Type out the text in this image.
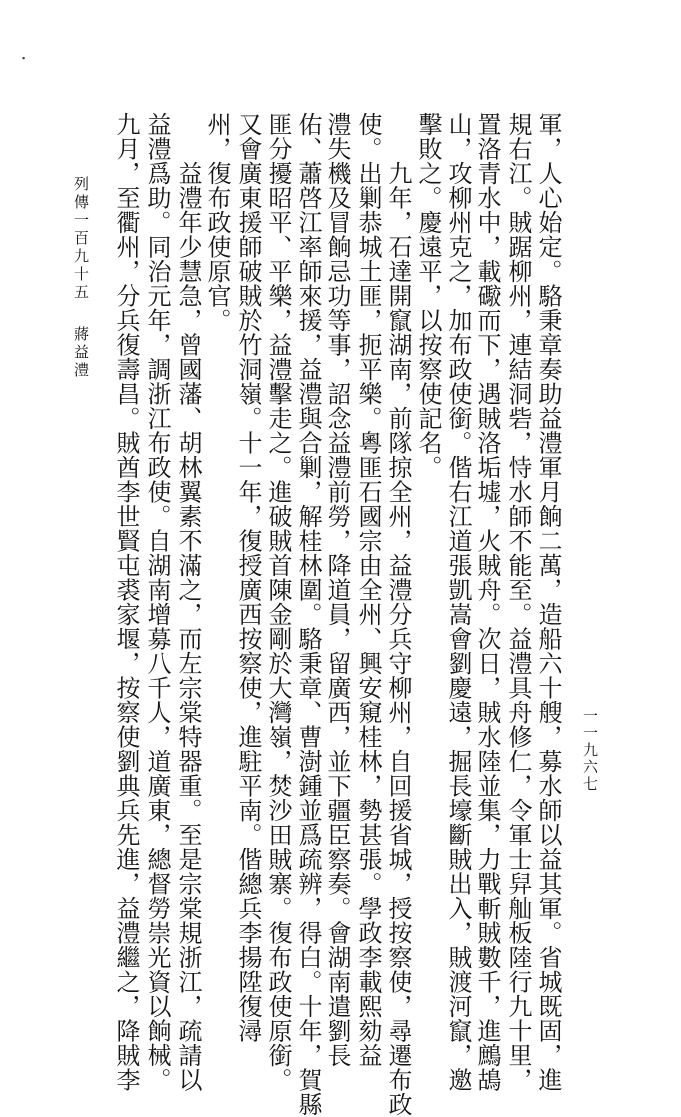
⠂
列傳一百九十五蔣益澧 九月，至衢州，分兵復壽昌。賊酋李世賢屯裘家堰，按察使劉典兵先進，益澧繼之，降賊李 益澧爲助。同治元年，調浙江布政使。自湖南增募八千人，道廣東，總督勞崇光資以餉械。 　　益澧年少慧急，曾國藩、胡林翼素不滿之，而左宗棠特器重。至是宗棠規浙江，疏請以 州，復布政使原官。 又會廣東援師破賊於竹洞嶺。十一年，復授廣西按察使，進駐平南。偕總兵李揚陞復潯 匪分擾昭平、平樂，益澧擊走之。進破賊首陳金剛於大灣嶺，焚沙田賊寨。復布政使原銜。 佑、蕭啓江率師來援，益澧與合剿，解桂林圍。駱秉章、曹澍鍾並爲疏辨，得白。十年，賀縣 澧失機及冒餉忌功等事，詔念益澧前勞，降道員，留廣西，並下疆臣察奏。會湖南遣劉長 使。出剿恭城土匪，扼平樂。粵匪石國宗由全州、興安窺桂林，勢甚張。學政李載熙劾益 　　九年，石達開竄湖南，前隊掠全州，益澧分兵守柳州，自回援省城，授按察使，尋遷布政 擊敗之。慶遠平，以按察使記名。 山，攻柳州克之，加布政使銜。偕右江道張凱嵩會劉慶遠，掘長壕斷賊出入，賊渡河竄，邀 置洛青水中，載礮而下，遇賊洛垢墟，火賊舟。次日，賊水陸並集，力戰斬賊數千，進鷓鴣 規右江。賊踞柳州，連結洞砦，恃水師不能至。益澧具舟修仁，令軍士舁舢板陸行九十里， 軍，人心始定。駱秉章奏助益澧軍月餉二萬，造船六十艘，募水師以益其軍。省城既固，進 一一九六七
